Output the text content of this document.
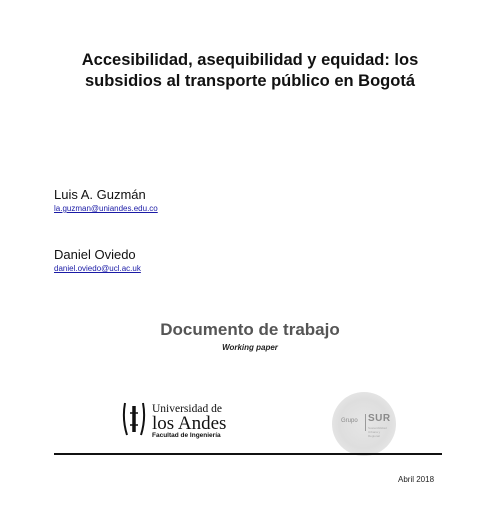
Accesibilidad, asequibilidad y equidad: los
subsidios al transporte público en Bogotá
Luis A. Guzmán
la.guzman@uniandes.edu.co
Daniel Oviedo
daniel.oviedo@ucl.ac.uk
Documento de trabajo
Working paper
Universidad de
los Andes
Facultad de Ingeniería
Grupo SUR
Sostenibilidad Urbana y Regional
Abril 2018
